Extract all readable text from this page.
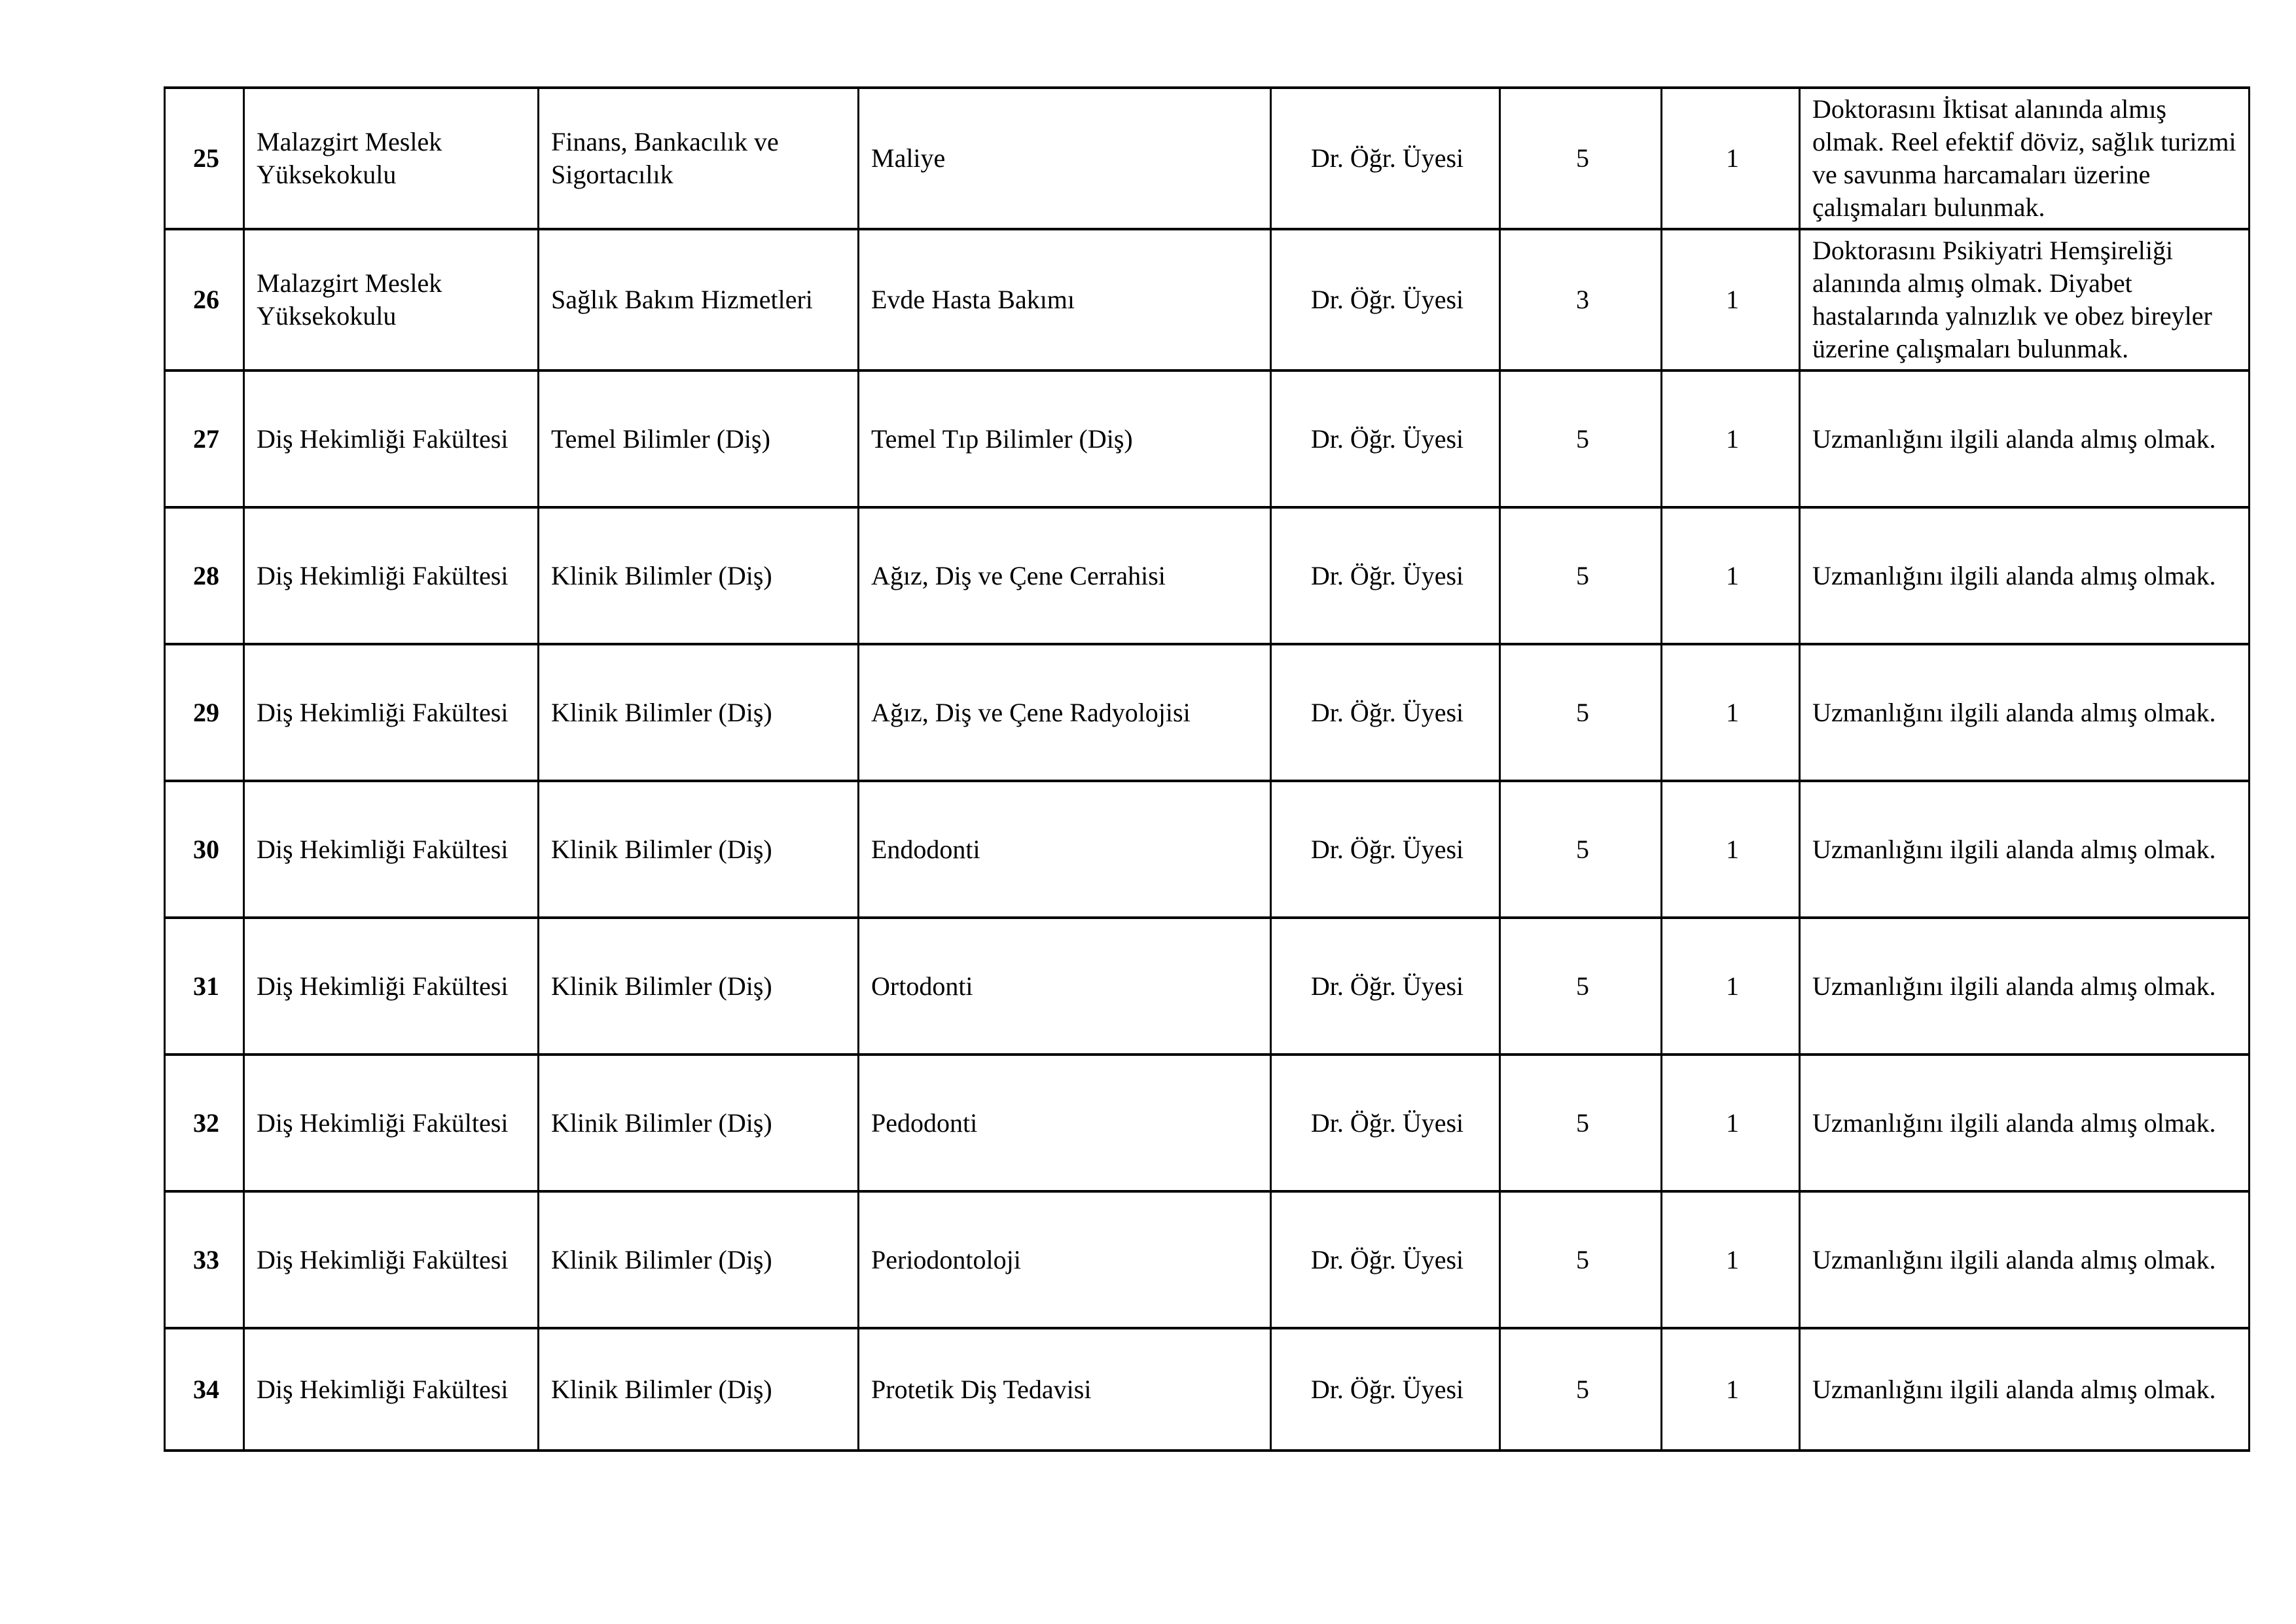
25	Malazgirt Meslek Yüksekokulu	Finans, Bankacılık ve Sigortacılık	Maliye	Dr. Öğr. Üyesi	5	1	Doktorasını İktisat alanında almış olmak. Reel efektif döviz, sağlık turizmi ve savunma harcamaları üzerine çalışmaları bulunmak.
26	Malazgirt Meslek Yüksekokulu	Sağlık Bakım Hizmetleri	Evde Hasta Bakımı	Dr. Öğr. Üyesi	3	1	Doktorasını Psikiyatri Hemşireliği alanında almış olmak. Diyabet hastalarında yalnızlık ve obez bireyler üzerine çalışmaları bulunmak.
27	Diş Hekimliği Fakültesi	Temel Bilimler (Diş)	Temel Tıp Bilimler (Diş)	Dr. Öğr. Üyesi	5	1	Uzmanlığını ilgili alanda almış olmak.
28	Diş Hekimliği Fakültesi	Klinik Bilimler (Diş)	Ağız, Diş ve Çene Cerrahisi	Dr. Öğr. Üyesi	5	1	Uzmanlığını ilgili alanda almış olmak.
29	Diş Hekimliği Fakültesi	Klinik Bilimler (Diş)	Ağız, Diş ve Çene Radyolojisi	Dr. Öğr. Üyesi	5	1	Uzmanlığını ilgili alanda almış olmak.
30	Diş Hekimliği Fakültesi	Klinik Bilimler (Diş)	Endodonti	Dr. Öğr. Üyesi	5	1	Uzmanlığını ilgili alanda almış olmak.
31	Diş Hekimliği Fakültesi	Klinik Bilimler (Diş)	Ortodonti	Dr. Öğr. Üyesi	5	1	Uzmanlığını ilgili alanda almış olmak.
32	Diş Hekimliği Fakültesi	Klinik Bilimler (Diş)	Pedodonti	Dr. Öğr. Üyesi	5	1	Uzmanlığını ilgili alanda almış olmak.
33	Diş Hekimliği Fakültesi	Klinik Bilimler (Diş)	Periodontoloji	Dr. Öğr. Üyesi	5	1	Uzmanlığını ilgili alanda almış olmak.
34	Diş Hekimliği Fakültesi	Klinik Bilimler (Diş)	Protetik Diş Tedavisi	Dr. Öğr. Üyesi	5	1	Uzmanlığını ilgili alanda almış olmak.
